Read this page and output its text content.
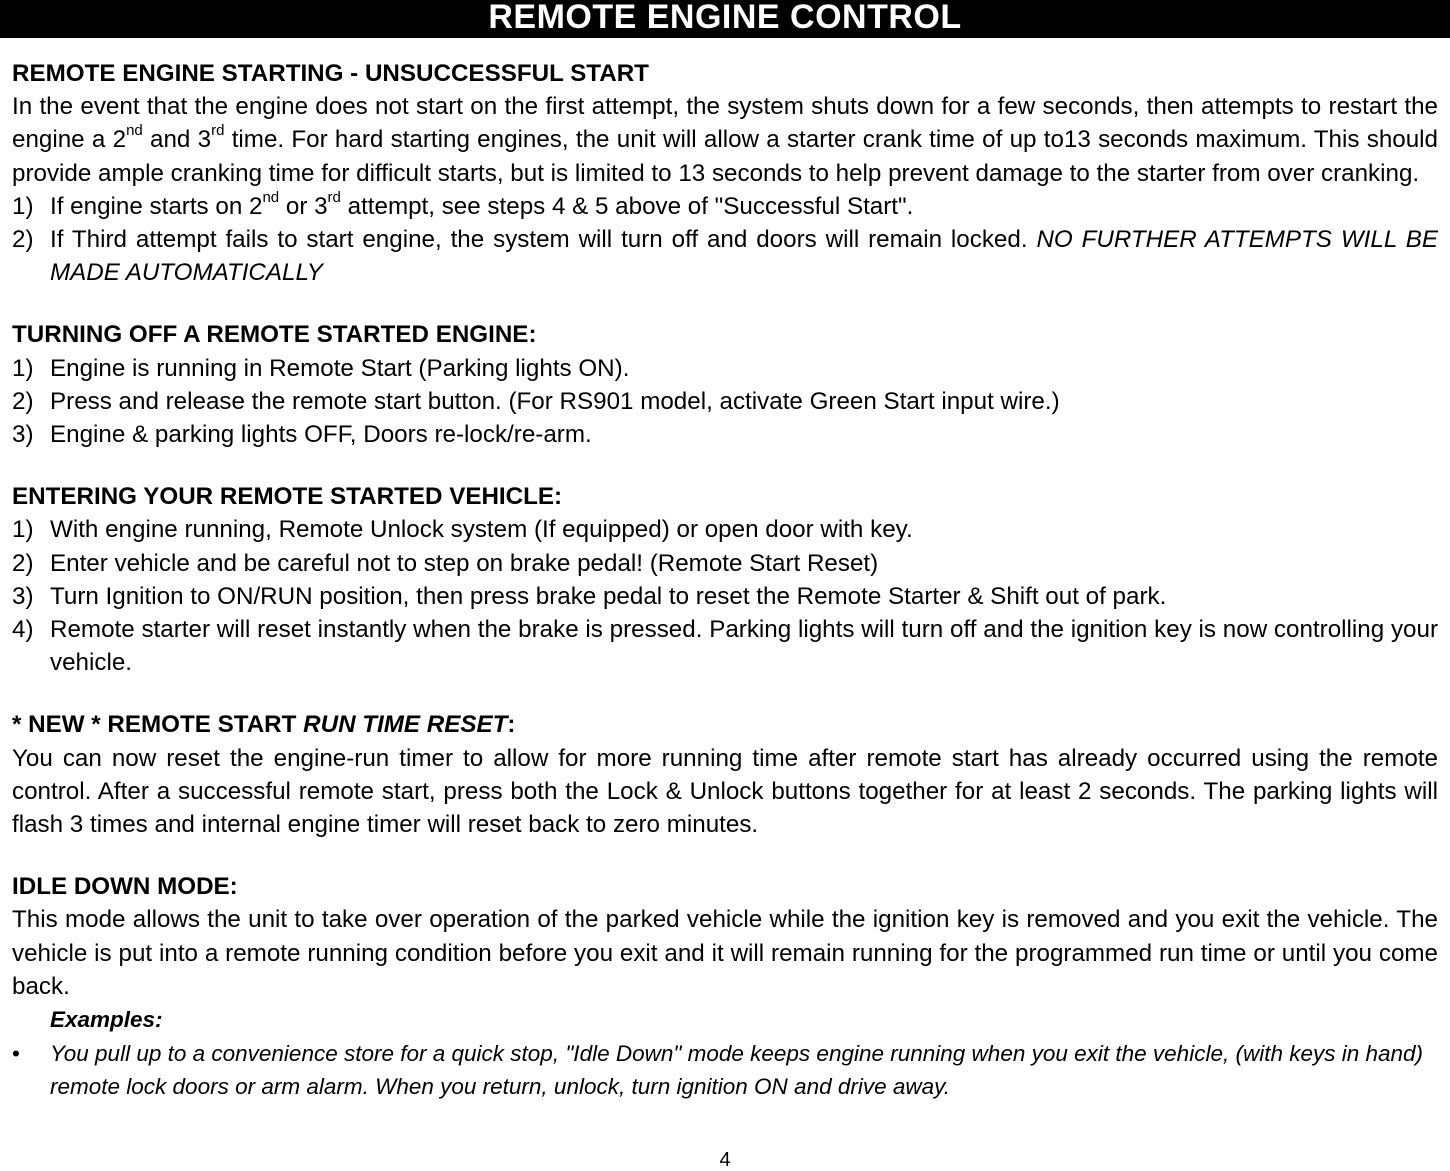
REMOTE ENGINE CONTROL

REMOTE ENGINE STARTING - UNSUCCESSFUL START

In the event that the engine does not start on the first attempt, the system shuts down for a few seconds, then attempts to restart the engine a 2nd and 3rd time. For hard starting engines, the unit will allow a starter crank time of up to13 seconds maximum. This should provide ample cranking time for difficult starts, but is limited to 13 seconds to help prevent damage to the starter from over cranking.

1) If engine starts on 2nd or 3rd attempt, see steps 4 & 5 above of "Successful Start".
2) If Third attempt fails to start engine, the system will turn off and doors will remain locked. NO FURTHER ATTEMPTS WILL BE MADE AUTOMATICALLY

TURNING OFF A REMOTE STARTED ENGINE:

1) Engine is running in Remote Start (Parking lights ON).
2) Press and release the remote start button. (For RS901 model, activate Green Start input wire.)
3) Engine & parking lights OFF, Doors re-lock/re-arm.

ENTERING YOUR REMOTE STARTED VEHICLE:

1) With engine running, Remote Unlock system (If equipped) or open door with key.
2) Enter vehicle and be careful not to step on brake pedal! (Remote Start Reset)
3) Turn Ignition to ON/RUN position, then press brake pedal to reset the Remote Starter & Shift out of park.
4) Remote starter will reset instantly when the brake is pressed. Parking lights will turn off and the ignition key is now controlling your vehicle.

* NEW * REMOTE START RUN TIME RESET:

You can now reset the engine-run timer to allow for more running time after remote start has already occurred using the remote control. After a successful remote start, press both the Lock & Unlock buttons together for at least 2 seconds. The parking lights will flash 3 times and internal engine timer will reset back to zero minutes.

IDLE DOWN MODE:

This mode allows the unit to take over operation of the parked vehicle while the ignition key is removed and you exit the vehicle. The vehicle is put into a remote running condition before you exit and it will remain running for the programmed run time or until you come back.

Examples:
•	You pull up to a convenience store for a quick stop, "Idle Down" mode keeps engine running when you exit the vehicle, (with keys in hand) remote lock doors or arm alarm. When you return, unlock, turn ignition ON and drive away.
4
